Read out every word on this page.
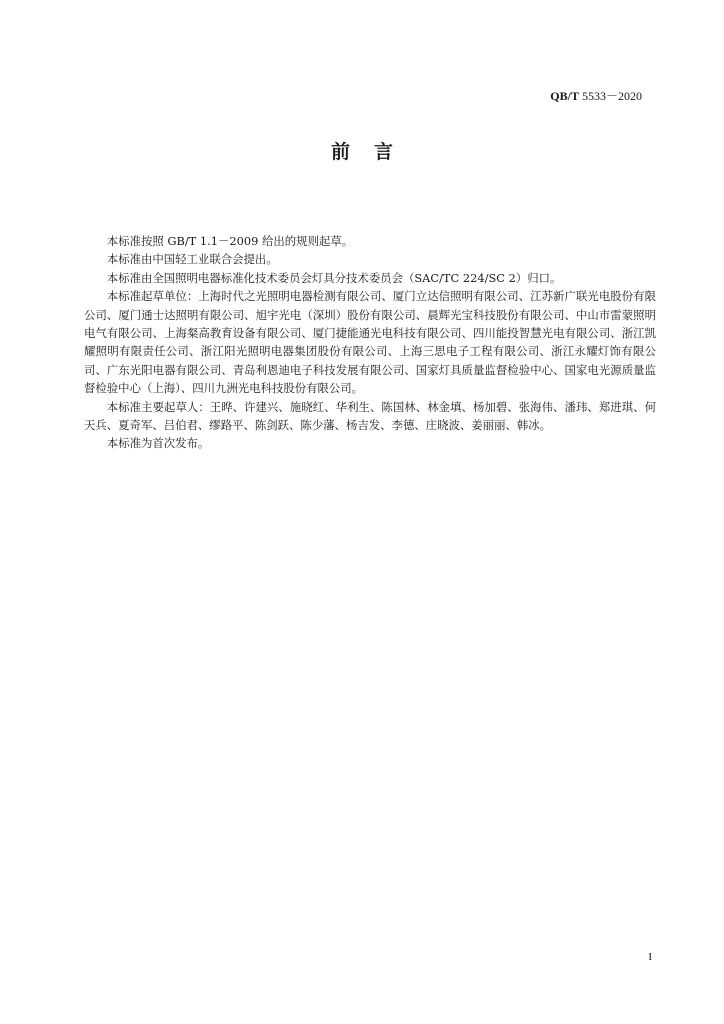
QB/T 5533－2020
前 言

本标准按照 GB/T 1.1－2009 给出的规则起草。

本标准由中国轻工业联合会提出。

本标准由全国照明电器标准化技术委员会灯具分技术委员会（SAC/TC 224/SC 2）归口。

本标准起草单位：上海时代之光照明电器检测有限公司、厦门立达信照明有限公司、江苏新广联光电股份有限公司、厦门通士达照明有限公司、旭宇光电（深圳）股份有限公司、晨辉光宝科技股份有限公司、中山市雷蒙照明电气有限公司、上海粲高教育设备有限公司、厦门捷能通光电科技有限公司、四川能投智慧光电有限公司、浙江凯耀照明有限责任公司、浙江阳光照明电器集团股份有限公司、上海三思电子工程有限公司、浙江永耀灯饰有限公司、广东光阳电器有限公司、青岛利恩迪电子科技发展有限公司、国家灯具质量监督检验中心、国家电光源质量监督检验中心（上海）、四川九洲光电科技股份有限公司。

本标准主要起草人：王晔、许建兴、施晓红、华利生、陈国林、林金填、杨加碧、张海伟、潘玮、郑进琪、何天兵、夏奇军、吕伯君、缪路平、陈剑跃、陈少藩、杨吉发、李德、庄晓波、姜丽丽、韩冰。

本标准为首次发布。

I
